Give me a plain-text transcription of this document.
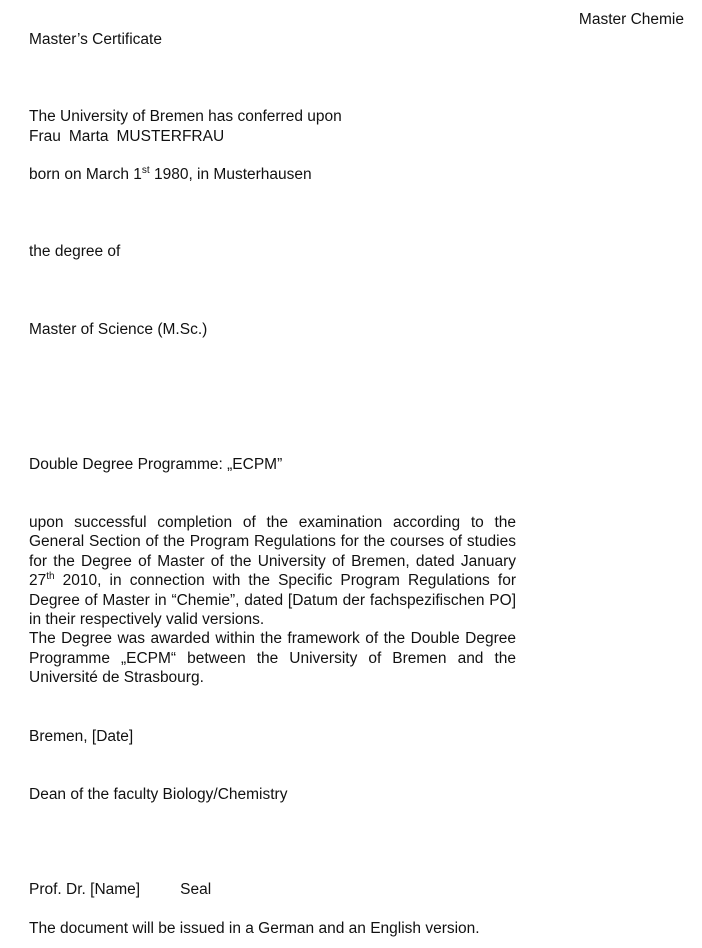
Master Chemie
Master’s Certificate
The University of Bremen has conferred upon
Frau Marta MUSTERFRAU
born on March 1st 1980, in Musterhausen
the degree of
Master of Science (M.Sc.)
Double Degree Programme: „ECPM”

upon successful completion of the examination according to the General Section of the Program Regulations for the courses of studies for the Degree of Master of the University of Bremen, dated January 27th 2010, in connection with the Specific Program Regulations for Degree of Master in “Chemie”, dated [Datum der fachspezifischen PO] in their respectively valid versions.

The Degree was awarded within the framework of the Double Degree Programme „ECPM“ between the University of Bremen and the Université de Strasbourg.

Bremen, [Date]
Dean of the faculty Biology/Chemistry
Prof. Dr. [Name]	Seal
The document will be issued in a German and an English version.
